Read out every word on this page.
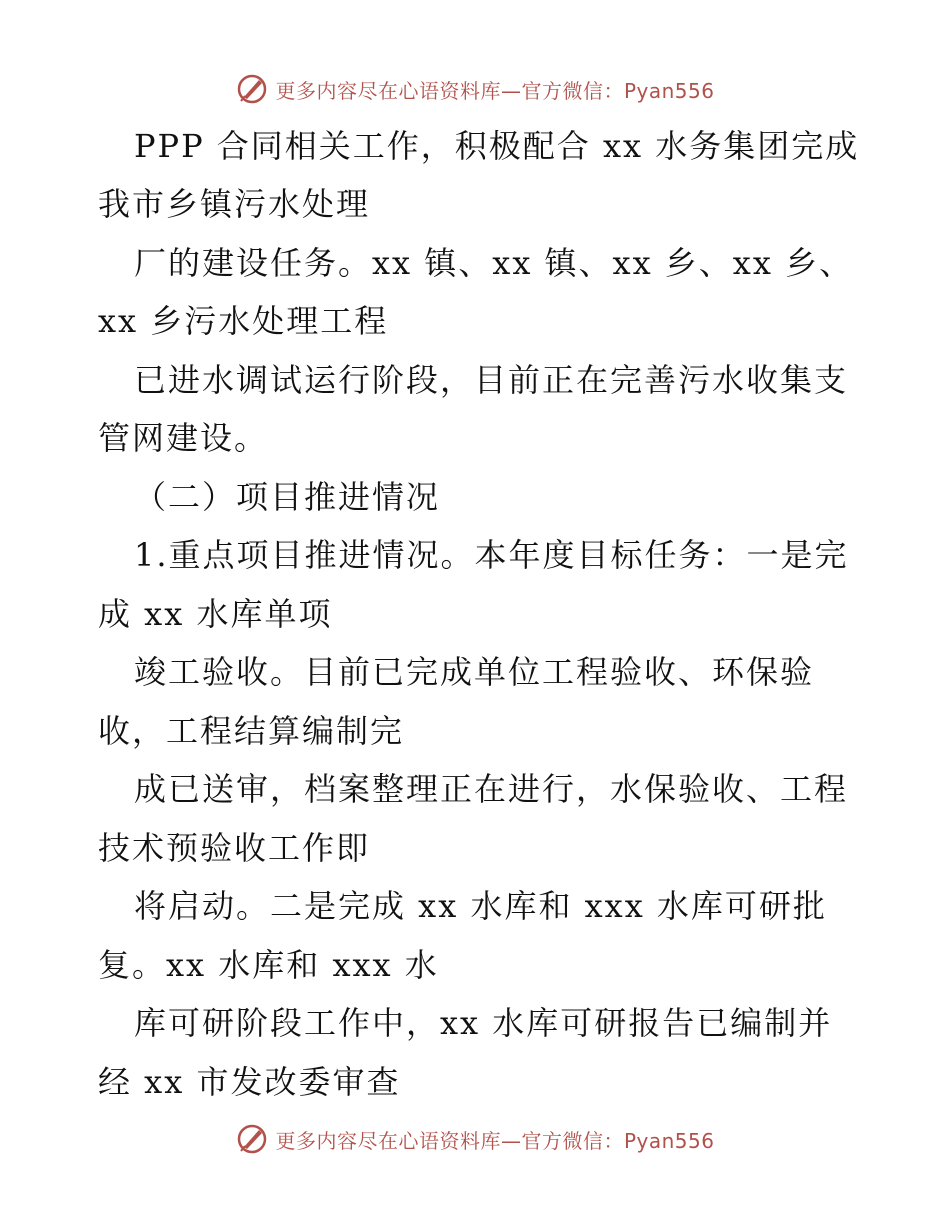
更多内容尽在心语资料库—官方微信：Pyan556
PPP 合同相关工作，积极配合 xx 水务集团完成
我市乡镇污水处理
厂的建设任务。xx 镇、xx 镇、xx 乡、xx 乡、
xx 乡污水处理工程
已进水调试运行阶段，目前正在完善污水收集支
管网建设。
（二）项目推进情况
1.重点项目推进情况。本年度目标任务：一是完
成 xx 水库单项
竣工验收。目前已完成单位工程验收、环保验
收，工程结算编制完
成已送审，档案整理正在进行，水保验收、工程
技术预验收工作即
将启动。二是完成 xx 水库和 xxx 水库可研批
复。xx 水库和 xxx 水
库可研阶段工作中，xx 水库可研报告已编制并
经 xx 市发改委审查
更多内容尽在心语资料库—官方微信：Pyan556
